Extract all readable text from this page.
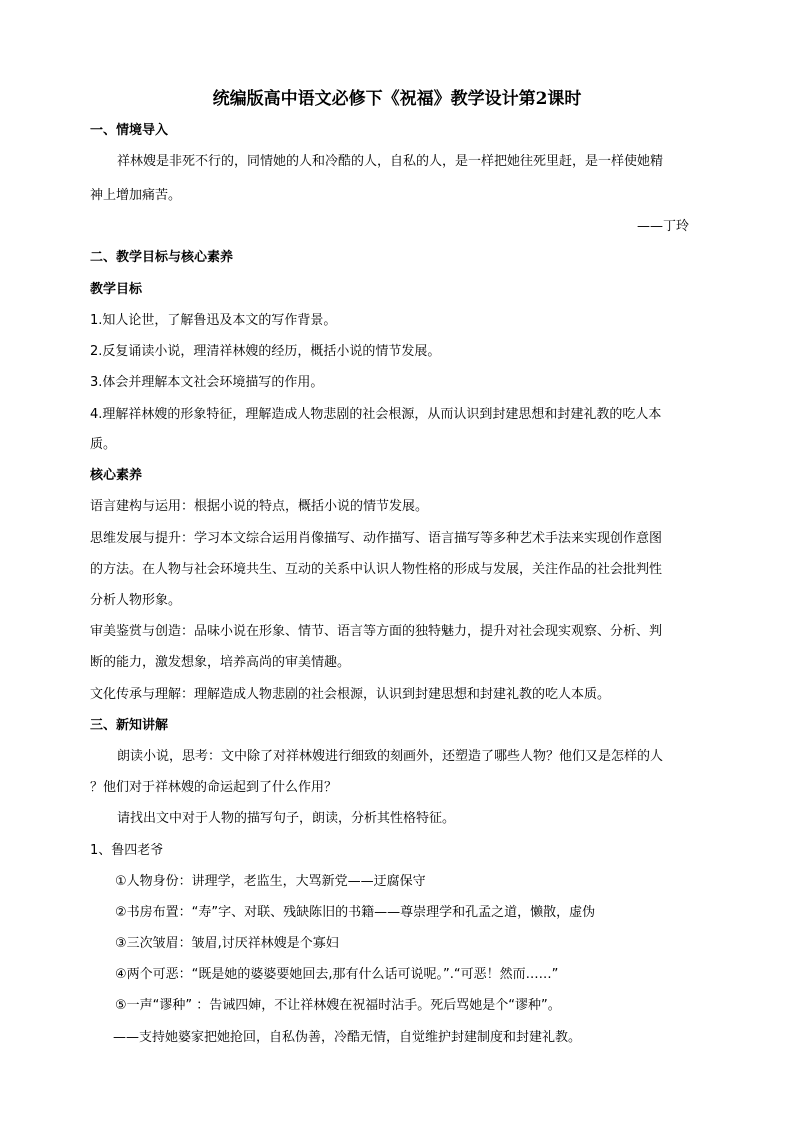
统编版高中语文必修下《祝福》教学设计第2课时
一、情境导入
祥林嫂是非死不行的，同情她的人和冷酷的人，自私的人，是一样把她往死里赶，是一样使她精
神上增加痛苦。
——丁玲
二、教学目标与核心素养
教学目标
1.知人论世，了解鲁迅及本文的写作背景。
2.反复诵读小说，理清祥林嫂的经历，概括小说的情节发展。
3.体会并理解本文社会环境描写的作用。
4.理解祥林嫂的形象特征，理解造成人物悲剧的社会根源，从而认识到封建思想和封建礼教的吃人本
质。
核心素养
语言建构与运用：根据小说的特点，概括小说的情节发展。
思维发展与提升：学习本文综合运用肖像描写、动作描写、语言描写等多种艺术手法来实现创作意图
的方法。在人物与社会环境共生、互动的关系中认识人物性格的形成与发展，关注作品的社会批判性
分析人物形象。
审美鉴赏与创造：品味小说在形象、情节、语言等方面的独特魅力，提升对社会现实观察、分析、判
断的能力，激发想象，培养高尚的审美情趣。
文化传承与理解：理解造成人物悲剧的社会根源，认识到封建思想和封建礼教的吃人本质。
三、新知讲解
朗读小说，思考：文中除了对祥林嫂进行细致的刻画外，还塑造了哪些人物？他们又是怎样的人
？他们对于祥林嫂的命运起到了什么作用？
请找出文中对于人物的描写句子，朗读，分析其性格特征。
1、鲁四老爷
①人物身份：讲理学，老监生，大骂新党——迂腐保守
②书房布置：“寿”字、对联、残缺陈旧的书籍——尊崇理学和孔孟之道，懒散，虚伪
③三次皱眉：皱眉,讨厌祥林嫂是个寡妇
④两个可恶：“既是她的婆婆要她回去,那有什么话可说呢。”.“可恶！然而……”
⑤一声“谬种” ：告诫四婶，不让祥林嫂在祝福时沾手。死后骂她是个“谬种”。
——支持她婆家把她抢回，自私伪善，冷酷无情，自觉维护封建制度和封建礼教。
